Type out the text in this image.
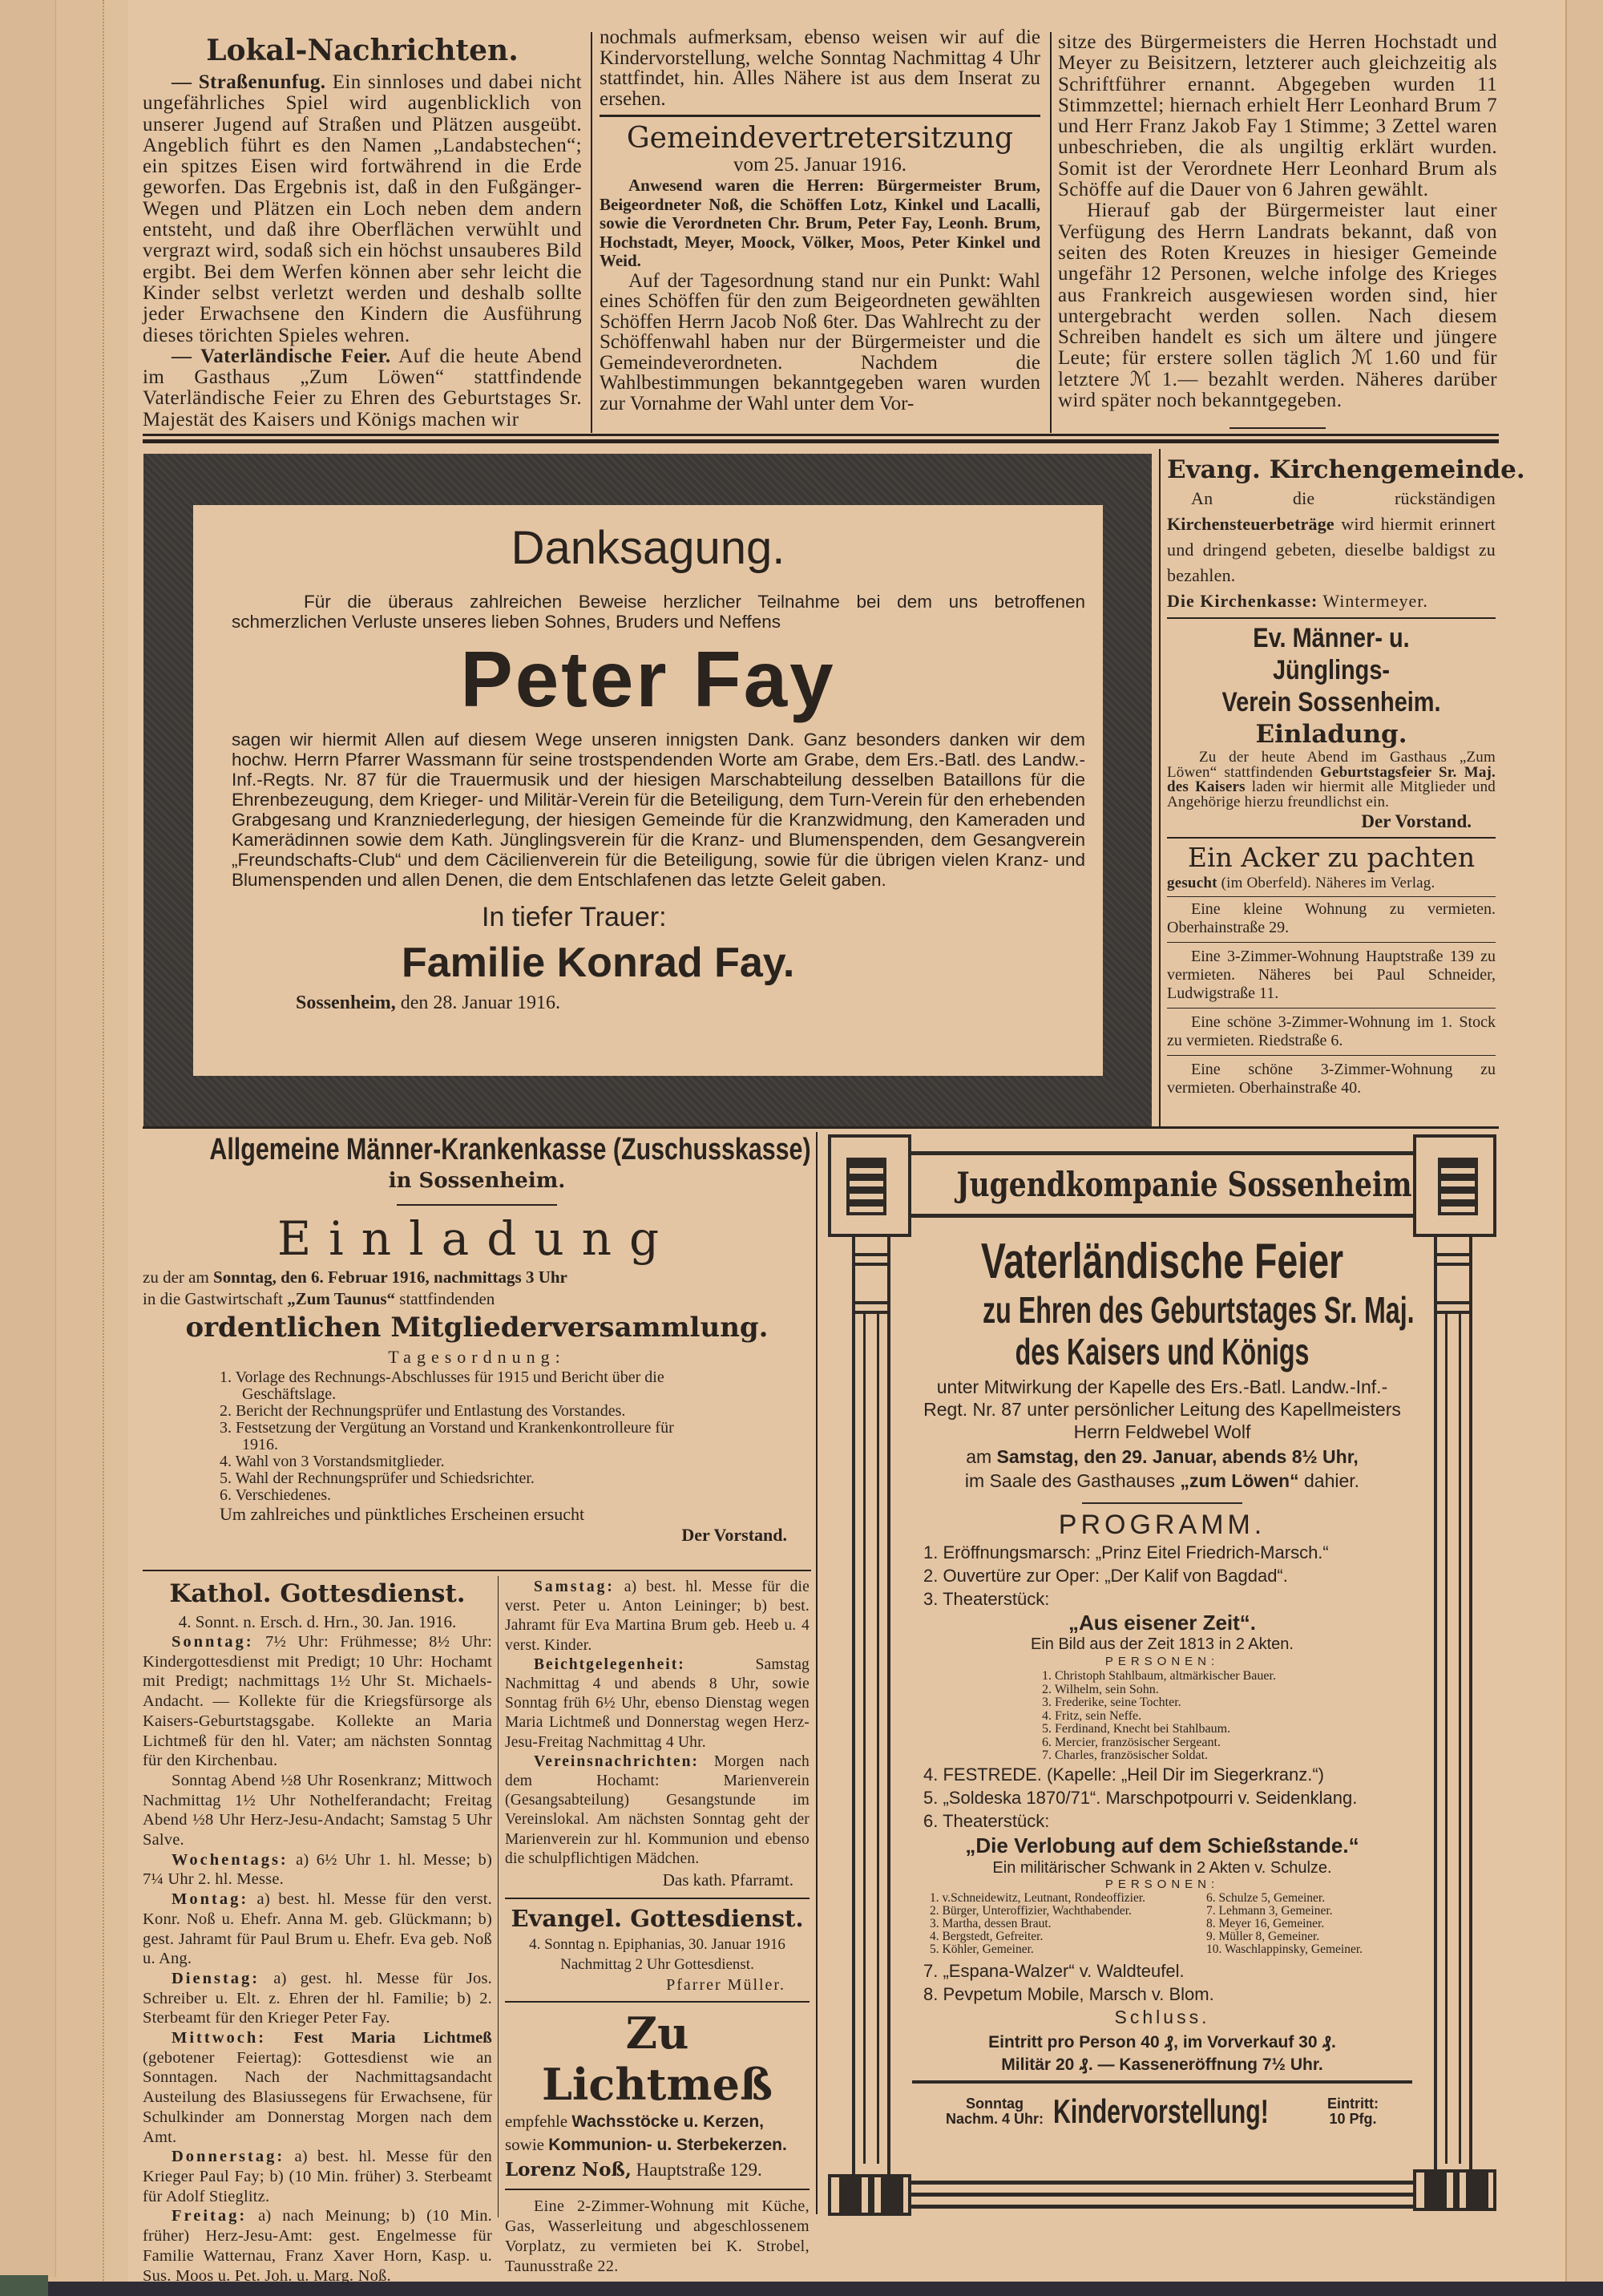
Lokal-Nachrichten.

— Straßenunfug. Ein sinnloses und dabei nicht ungefährliches Spiel wird augenblicklich von unserer Jugend auf Straßen und Plätzen ausgeübt. Angeblich führt es den Namen „Landabstechen“; ein spitzes Eisen wird fortwährend in die Erde geworfen. Das Ergebnis ist, daß in den Fußgänger-Wegen und Plätzen ein Loch neben dem andern entsteht, und daß ihre Oberflächen verwühlt und vergrazt wird, sodaß sich ein höchst unsauberes Bild ergibt. Bei dem Werfen können aber sehr leicht die Kinder selbst verletzt werden und deshalb sollte jeder Erwachsene den Kindern die Ausführung dieses törichten Spieles wehren.

— Vaterländische Feier. Auf die heute Abend im Gasthaus „Zum Löwen“ stattfindende Vaterländische Feier zu Ehren des Geburtstages Sr. Majestät des Kaisers und Königs machen wir

nochmals aufmerksam, ebenso weisen wir auf die Kindervorstellung, welche Sonntag Nachmittag 4 Uhr stattfindet, hin. Alles Nähere ist aus dem Inserat zu ersehen.

Gemeindevertretersitzung
vom 25. Januar 1916.

Anwesend waren die Herren: Bürgermeister Brum, Beigeordneter Noß, die Schöffen Lotz, Kinkel und Lacalli, sowie die Verordneten Chr. Brum, Peter Fay, Leonh. Brum, Hochstadt, Meyer, Moock, Völker, Moos, Peter Kinkel und Weid.

Auf der Tagesordnung stand nur ein Punkt: Wahl eines Schöffen für den zum Beigeordneten gewählten Schöffen Herrn Jacob Noß 6ter. Das Wahlrecht zu der Schöffenwahl haben nur der Bürgermeister und die Gemeindeverordneten. Nachdem die Wahlbestimmungen bekanntgegeben waren wurden zur Vornahme der Wahl unter dem Vor-

sitze des Bürgermeisters die Herren Hochstadt und Meyer zu Beisitzern, letzterer auch gleichzeitig als Schriftführer ernannt. Abgegeben wurden 11 Stimmzettel; hiernach erhielt Herr Leonhard Brum 7 und Herr Franz Jakob Fay 1 Stimme; 3 Zettel waren unbeschrieben, die als ungiltig erklärt wurden. Somit ist der Verordnete Herr Leonhard Brum als Schöffe auf die Dauer von 6 Jahren gewählt.

Hierauf gab der Bürgermeister laut einer Verfügung des Herrn Landrats bekannt, daß von seiten des Roten Kreuzes in hiesiger Gemeinde ungefähr 12 Personen, welche infolge des Krieges aus Frankreich ausgewiesen worden sind, hier untergebracht werden sollen. Nach diesem Schreiben handelt es sich um ältere und jüngere Leute; für erstere sollen täglich ℳ 1.60 und für letztere ℳ 1.— bezahlt werden. Näheres darüber wird später noch bekanntgegeben.

Danksagung.
Für die überaus zahlreichen Beweise herzlicher Teilnahme bei dem uns betroffenen schmerzlichen Verluste unseres lieben Sohnes, Bruders und Neffens
Peter Fay
sagen wir hiermit Allen auf diesem Wege unseren innigsten Dank. Ganz besonders danken wir dem hochw. Herrn Pfarrer Wassmann für seine trostspendenden Worte am Grabe, dem Ers.-Batl. des Landw.-Inf.-Regts. Nr. 87 für die Trauermusik und der hiesigen Marschabteilung desselben Bataillons für die Ehrenbezeugung, dem Krieger- und Militär-Verein für die Beteiligung, dem Turn-Verein für den erhebenden Grabgesang und Kranzniederlegung, der hiesigen Gemeinde für die Kranzwidmung, den Kameraden und Kamerädinnen sowie dem Kath. Jünglingsverein für die Kranz- und Blumenspenden, dem Gesangverein „Freundschafts-Club“ und dem Cäcilienverein für die Beteiligung, sowie für die übrigen vielen Kranz- und Blumenspenden und allen Denen, die dem Entschlafenen das letzte Geleit gaben.
In tiefer Trauer:
Familie Konrad Fay.
Sossenheim, den 28. Januar 1916.
Evang. Kirchengemeinde.
An die rückständigen Kirchensteuerbeträge wird hiermit erinnert und dringend gebeten, dieselbe baldigst zu bezahlen.
Die Kirchenkasse: Wintermeyer.
Ev. Männer- u. Jünglings-
Verein Sossenheim.
Einladung.
Zu der heute Abend im Gasthaus „Zum Löwen“ stattfindenden Geburtstagsfeier Sr. Maj. des Kaisers laden wir hiermit alle Mitglieder und Angehörige hierzu freundlichst ein.
Der Vorstand.
Ein Acker zu pachten
gesucht (im Oberfeld). Näheres im Verlag.
Eine kleine Wohnung zu vermieten. Oberhainstraße 29.
Eine 3-Zimmer-Wohnung Hauptstraße 139 zu vermieten. Näheres bei Paul Schneider, Ludwigstraße 11.
Eine schöne 3-Zimmer-Wohnung im 1. Stock zu vermieten. Riedstraße 6.
Eine schöne 3-Zimmer-Wohnung zu vermieten. Oberhainstraße 40.
Allgemeine Männer-Krankenkasse (Zuschusskasse)
in Sossenheim.
Einladung
zu der am Sonntag, den 6. Februar 1916, nachmittags 3 Uhr
in die Gastwirtschaft „Zum Taunus“ stattfindenden
ordentlichen Mitgliederversammlung.
Tagesordnung:
1. Vorlage des Rechnungs-Abschlusses für 1915 und Bericht über die Geschäftslage.
2. Bericht der Rechnungsprüfer und Entlastung des Vorstandes.
3. Festsetzung der Vergütung an Vorstand und Krankenkontrolleure für 1916.
4. Wahl von 3 Vorstandsmitglieder.
5. Wahl der Rechnungsprüfer und Schiedsrichter.
6. Verschiedenes.
Um zahlreiches und pünktliches Erscheinen ersucht
Der Vorstand.
Kathol. Gottesdienst.
4. Sonnt. n. Ersch. d. Hrn., 30. Jan. 1916.

Sonntag: 7½ Uhr: Frühmesse; 8½ Uhr: Kindergottesdienst mit Predigt; 10 Uhr: Hochamt mit Predigt; nachmittags 1½ Uhr St. Michaels-Andacht. — Kollekte für die Kriegsfürsorge als Kaisers-Geburtstagsgabe. Kollekte an Maria Lichtmeß für den hl. Vater; am nächsten Sonntag für den Kirchenbau.

Sonntag Abend ½8 Uhr Rosenkranz; Mittwoch Nachmittag 1½ Uhr Nothelferandacht; Freitag Abend ½8 Uhr Herz-Jesu-Andacht; Samstag 5 Uhr Salve.

Wochentags: a) 6½ Uhr 1. hl. Messe; b) 7¼ Uhr 2. hl. Messe.

Montag: a) best. hl. Messe für den verst. Konr. Noß u. Ehefr. Anna M. geb. Glückmann; b) gest. Jahramt für Paul Brum u. Ehefr. Eva geb. Noß u. Ang.

Dienstag: a) gest. hl. Messe für Jos. Schreiber u. Elt. z. Ehren der hl. Familie; b) 2. Sterbeamt für den Krieger Peter Fay.

Mittwoch: Fest Maria Lichtmeß (gebotener Feiertag): Gottesdienst wie an Sonntagen. Nach der Nachmittagsandacht Austeilung des Blasiussegens für Erwachsene, für Schulkinder am Donnerstag Morgen nach dem Amt.

Donnerstag: a) best. hl. Messe für den Krieger Paul Fay; b) (10 Min. früher) 3. Sterbeamt für Adolf Stieglitz.

Freitag: a) nach Meinung; b) (10 Min. früher) Herz-Jesu-Amt: gest. Engelmesse für Familie Watternau, Franz Xaver Horn, Kasp. u. Sus. Moos u. Pet. Joh. u. Marg. Noß.

Samstag: a) best. hl. Messe für die verst. Peter u. Anton Leininger; b) best. Jahramt für Eva Martina Brum geb. Heeb u. 4 verst. Kinder.

Beichtgelegenheit:	Samstag Nachmittag 4 und abends 8 Uhr, sowie Sonntag früh 6½ Uhr, ebenso Dienstag wegen Maria Lichtmeß und Donnerstag wegen Herz-Jesu-Freitag Nachmittag 4 Uhr.

Vereinsnachrichten: Morgen nach dem Hochamt: Marienverein (Gesangsabteilung) Gesangstunde im Vereinslokal. Am nächsten Sonntag geht der Marienverein zur hl. Kommunion und ebenso die schulpflichtigen Mädchen.

Das kath. Pfarramt.
Evangel. Gottesdienst.
4. Sonntag n. Epiphanias, 30. Januar 1916
Nachmittag 2 Uhr Gottesdienst.
Pfarrer Müller.
Zu Lichtmeß
empfehle Wachsstöcke u. Kerzen,
sowie Kommunion- u. Sterbekerzen.
Lorenz Noß, Hauptstraße 129.

Eine 2-Zimmer-Wohnung mit Küche, Gas, Wasserleitung und abgeschlossenem Vorplatz, zu vermieten bei K. Strobel, Taunusstraße 22.

Jugendkompanie Sossenheim
Vaterländische Feier
zu Ehren des Geburtstages Sr. Maj.
des Kaisers und Königs
unter Mitwirkung der Kapelle des Ers.-Batl. Landw.-Inf.-Regt. Nr. 87 unter persönlicher Leitung des Kapellmeisters Herrn Feldwebel Wolf
am Samstag, den 29. Januar, abends 8½ Uhr,
im Saale des Gasthauses „zum Löwen“ dahier.
PROGRAMM.
1. Eröffnungsmarsch: „Prinz Eitel Friedrich-Marsch.“
2. Ouvertüre zur Oper: „Der Kalif von Bagdad“.
3. Theaterstück:
„Aus eisener Zeit“.
Ein Bild aus der Zeit 1813 in 2 Akten.
PERSONEN:
1. Christoph Stahlbaum, altmärkischer Bauer.
2. Wilhelm, sein Sohn.
3. Frederike, seine Tochter.
4. Fritz, sein Neffe.
5. Ferdinand, Knecht bei Stahlbaum.
6. Mercier, französischer Sergeant.
7. Charles, französischer Soldat.
4. FESTREDE. (Kapelle: „Heil Dir im Siegerkranz.“)
5. „Soldeska 1870/71“. Marschpotpourri v. Seidenklang.
6. Theaterstück:
„Die Verlobung auf dem Schießstande.“
Ein militärischer Schwank in 2 Akten v. Schulze.
PERSONEN:
1. v.Schneidewitz, Leutnant, Rondeoffizier.
2. Bürger, Unteroffizier, Wachthabender.
3. Martha, dessen Braut.
4. Bergstedt, Gefreiter.
5. Köhler, Gemeiner.
6. Schulze 5, Gemeiner.
7. Lehmann 3, Gemeiner.
8. Meyer 16, Gemeiner.
9. Müller 8, Gemeiner.
10. Waschlappinsky, Gemeiner.
7. „Espana-Walzer“ v. Waldteufel.
8. Pevpetum Mobile, Marsch v. Blom.
Schluss.
Eintritt pro Person 40 ₰, im Vorverkauf 30 ₰.
Militär 20 ₰. — Kasseneröffnung 7½ Uhr.
Sonntag
Nachm. 4 Uhr: Kindervorstellung!	Eintritt:
10 Pfg.
